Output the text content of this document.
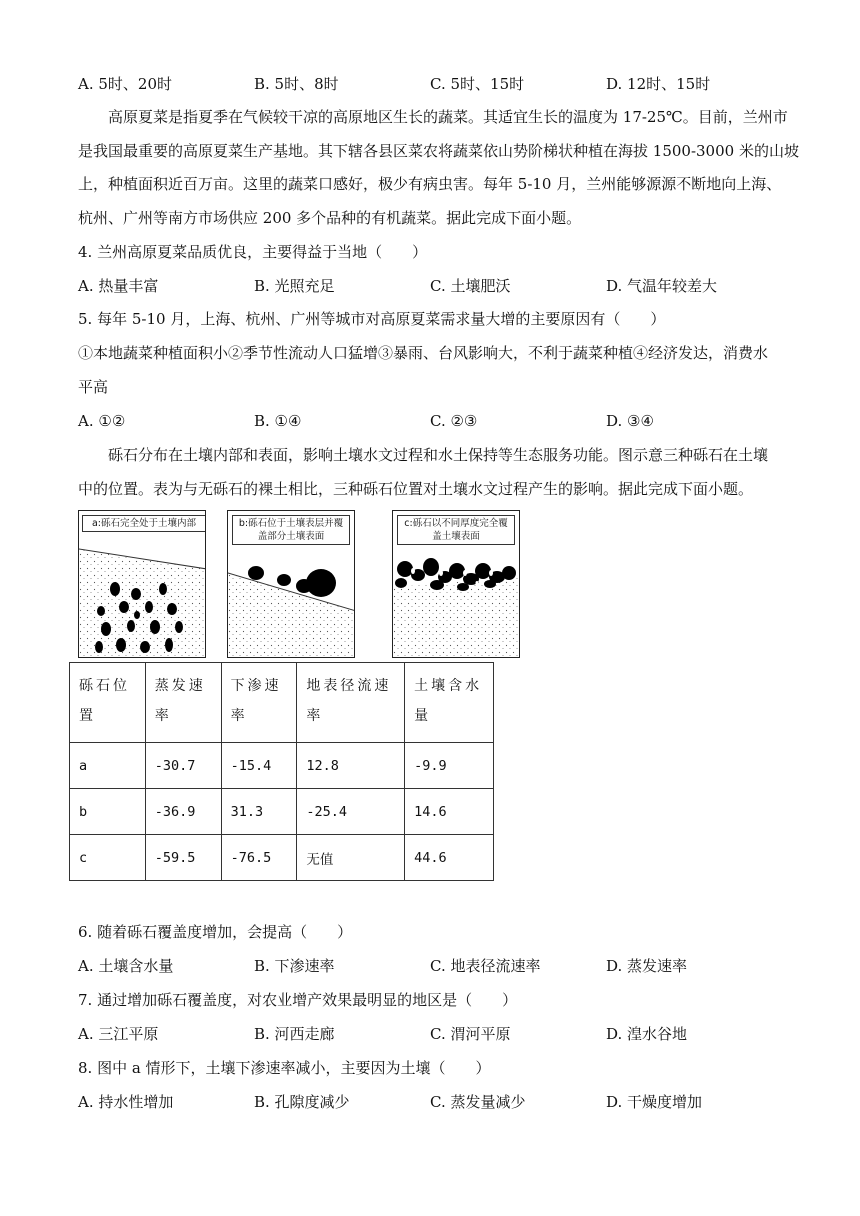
A. 5时、20时	B. 5时、8时	C. 5时、15时	D. 12时、15时
高原夏菜是指夏季在气候较干凉的高原地区生长的蔬菜。其适宜生长的温度为 17-25℃。目前，兰州市
是我国最重要的高原夏菜生产基地。其下辖各县区菜农将蔬菜依山势阶梯状种植在海拔 1500-3000 米的山坡
上，种植面积近百万亩。这里的蔬菜口感好，极少有病虫害。每年 5-10 月，兰州能够源源不断地向上海、
杭州、广州等南方市场供应 200 多个品种的有机蔬菜。据此完成下面小题。
4. 兰州高原夏菜品质优良，主要得益于当地（　　）
A. 热量丰富	B. 光照充足	C. 土壤肥沃	D. 气温年较差大
5. 每年 5-10 月，上海、杭州、广州等城市对高原夏菜需求量大增的主要原因有（　　）
①本地蔬菜种植面积小②季节性流动人口猛增③暴雨、台风影响大，不利于蔬菜种植④经济发达，消费水
平高
A. ①②	B. ①④	C. ②③	D. ③④
砾石分布在土壤内部和表面，影响土壤水文过程和水土保持等生态服务功能。图示意三种砾石在土壤
中的位置。表为与无砾石的裸土相比，三种砾石位置对土壤水文过程产生的影响。据此完成下面小题。
a:砾石完全处于土壤内部	b:砾石位于土壤表层并覆盖部分土壤表面
c:砾石以不同厚度完全覆盖土壤表面
砾石位置	蒸发速率	下渗速率	地表径流速率	土壤含水量

a	-30.7	-15.4	12.8	-9.9
b	-36.9	31.3	-25.4	14.6
c	-59.5	-76.5	无值	44.6
6. 随着砾石覆盖度增加，会提高（　　）
A. 土壤含水量	B. 下渗速率	C. 地表径流速率	D. 蒸发速率
7. 通过增加砾石覆盖度，对农业增产效果最明显的地区是（　　）
A. 三江平原	B. 河西走廊	C. 渭河平原	D. 湟水谷地
8. 图中 a 情形下，土壤下渗速率减小，主要因为土壤（　　）
A. 持水性增加	B. 孔隙度减少	C. 蒸发量减少	D. 干燥度增加
